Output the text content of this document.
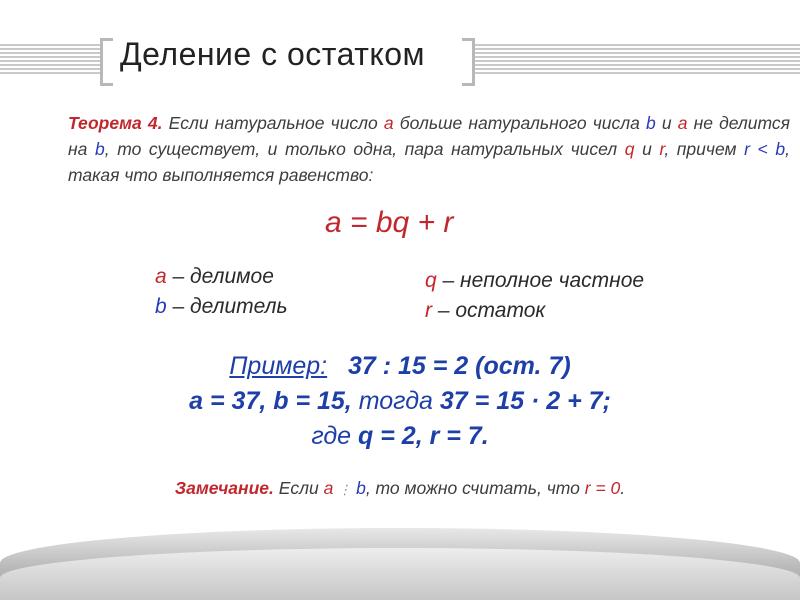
Деление с остатком
Теорема 4. Если натуральное число a больше натурального числа b и a не делится на b, то существует, и только одна, пара натуральных чисел q и r, причем r < b, такая что выполняется равенство:
a = bq + r
a – делимое
b – делитель
q – неполное частное
r – остаток
Пример: 37 : 15 = 2 (ост. 7)
a = 37, b = 15, тогда 37 = 15 · 2 + 7;
где q = 2, r = 7.
Замечание. Если a ⋮ b, то можно считать, что r = 0.
